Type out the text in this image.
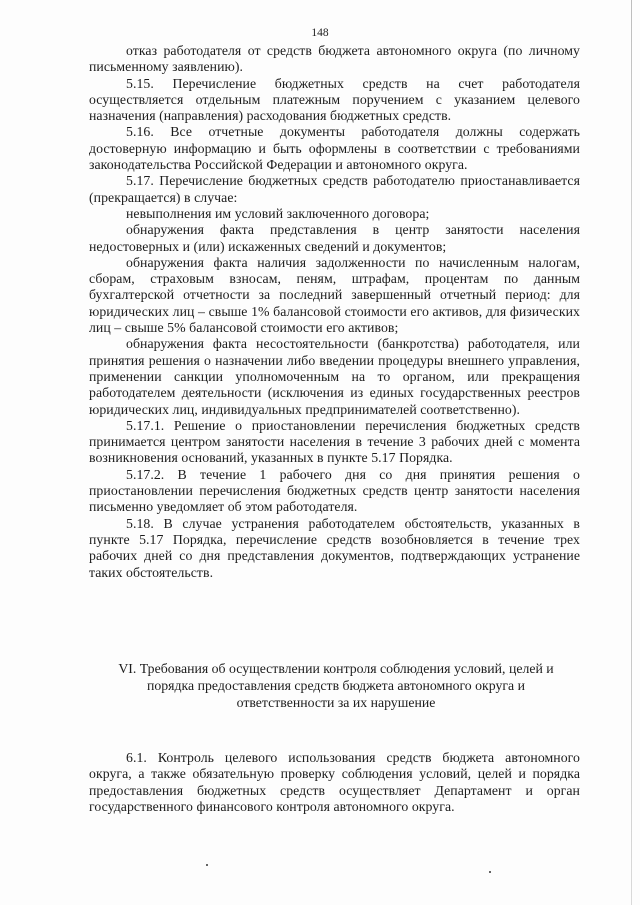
148

отказ работодателя от средств бюджета автономного округа (по личному письменному заявлению).

5.15. Перечисление бюджетных средств на счет работодателя осуществляется отдельным платежным поручением с указанием целевого назначения (направления) расходования бюджетных средств.

5.16. Все отчетные документы работодателя должны содержать достоверную информацию и быть оформлены в соответствии с требованиями законодательства Российской Федерации и автономного округа.

5.17. Перечисление бюджетных средств работодателю приостанавливается (прекращается) в случае:

невыполнения им условий заключенного договора;

обнаружения факта представления в центр занятости населения недостоверных и (или) искаженных сведений и документов;

обнаружения факта наличия задолженности по начисленным налогам, сборам, страховым взносам, пеням, штрафам, процентам по данным бухгалтерской отчетности за последний завершенный отчетный период: для юридических лиц – свыше 1% балансовой стоимости его активов, для физических лиц – свыше 5% балансовой стоимости его активов;

обнаружения факта несостоятельности (банкротства) работодателя, или принятия решения о назначении либо введении процедуры внешнего управления, применении санкции уполномоченным на то органом, или прекращения работодателем деятельности (исключения из единых государственных реестров юридических лиц, индивидуальных предпринимателей соответственно).

5.17.1. Решение о приостановлении перечисления бюджетных средств принимается центром занятости населения в течение 3 рабочих дней с момента возникновения оснований, указанных в пункте 5.17 Порядка.

5.17.2. В течение 1 рабочего дня со дня принятия решения о приостановлении перечисления бюджетных средств центр занятости населения письменно уведомляет об этом работодателя.

5.18. В случае устранения работодателем обстоятельств, указанных в пункте 5.17 Порядка, перечисление средств возобновляется в течение трех рабочих дней со дня представления документов, подтверждающих устранение таких обстоятельств.

VI. Требования об осуществлении контроля соблюдения условий, целей и
порядка предоставления средств бюджета автономного округа и
ответственности за их нарушение

6.1. Контроль целевого использования средств бюджета автономного округа, а также обязательную проверку соблюдения условий, целей и порядка предоставления бюджетных средств осуществляет Департамент и орган государственного финансового контроля автономного округа.
